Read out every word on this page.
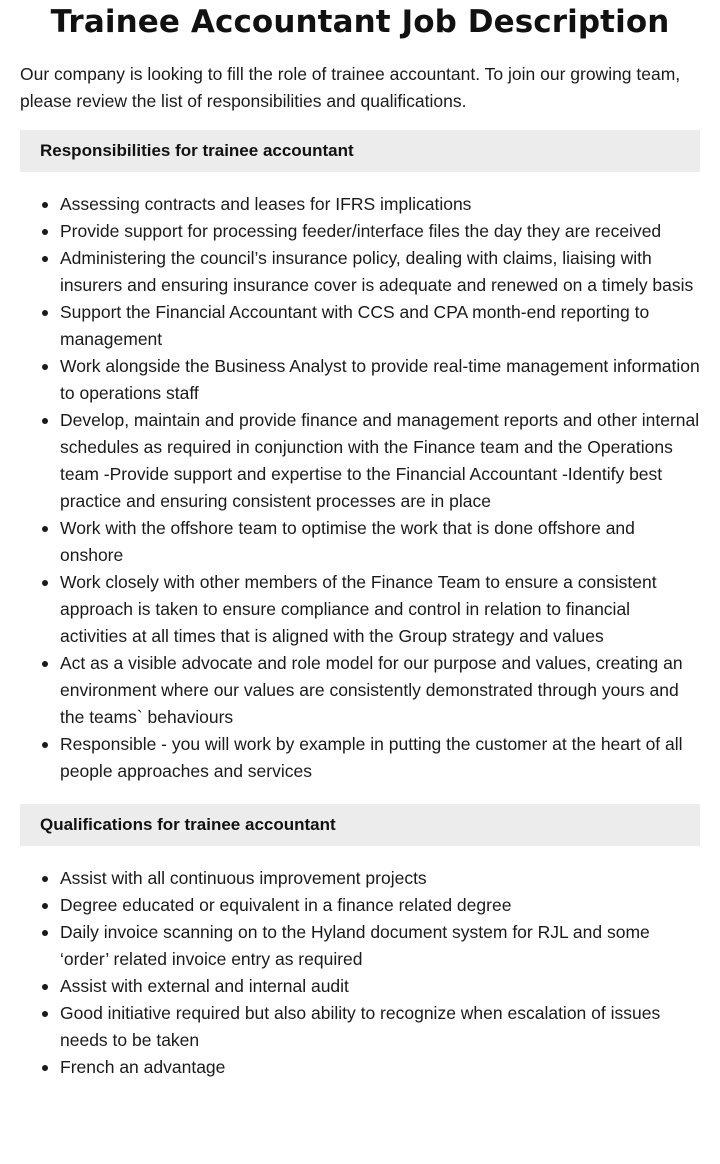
Trainee Accountant Job Description

Our company is looking to fill the role of trainee accountant. To join our growing team, please review the list of responsibilities and qualifications.

Responsibilities for trainee accountant
Assessing contracts and leases for IFRS implications
Provide support for processing feeder/interface files the day they are received
Administering the council’s insurance policy, dealing with claims, liaising with insurers and ensuring insurance cover is adequate and renewed on a timely basis
Support the Financial Accountant with CCS and CPA month-end reporting to management
Work alongside the Business Analyst to provide real-time management information to operations staff
Develop, maintain and provide finance and management reports and other internal schedules as required in conjunction with the Finance team and the Operations team -Provide support and expertise to the Financial Accountant -Identify best practice and ensuring consistent processes are in place
Work with the offshore team to optimise the work that is done offshore and onshore
Work closely with other members of the Finance Team to ensure a consistent approach is taken to ensure compliance and control in relation to financial activities at all times that is aligned with the Group strategy and values
Act as a visible advocate and role model for our purpose and values, creating an environment where our values are consistently demonstrated through yours and the teams` behaviours
Responsible - you will work by example in putting the customer at the heart of all people approaches and services
Qualifications for trainee accountant
Assist with all continuous improvement projects
Degree educated or equivalent in a finance related degree
Daily invoice scanning on to the Hyland document system for RJL and some ‘order’ related invoice entry as required
Assist with external and internal audit
Good initiative required but also ability to recognize when escalation of issues needs to be taken
French an advantage
